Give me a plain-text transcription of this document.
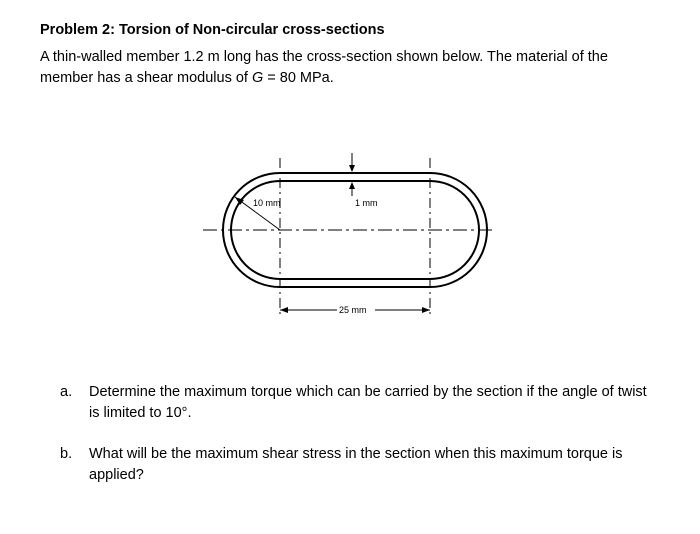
Problem 2: Torsion of Non-circular cross-sections

A thin-walled member 1.2 m long has the cross-section shown below. The material of the
member has a shear modulus of G = 80 MPa.

10 mm	1 mm
25 mm
a. Determine the maximum torque which can be carried by the section if the angle of twist
is limited to 10°.
b. What will be the maximum shear stress in the section when this maximum torque is
applied?
